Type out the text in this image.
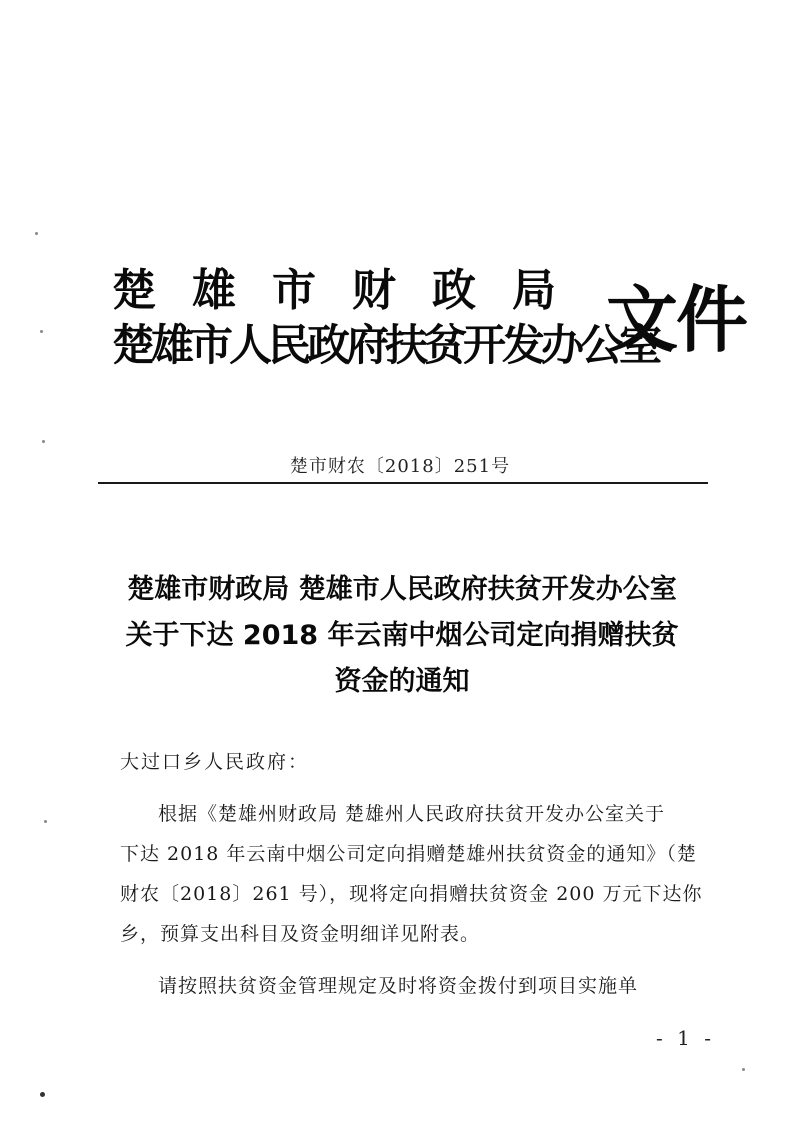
楚雄市财政局
楚雄市人民政府扶贫开发办公室
文件
楚市财农〔2018〕251号
楚雄市财政局 楚雄市人民政府扶贫开发办公室
关于下达 2018 年云南中烟公司定向捐赠扶贫
资金的通知
大过口乡人民政府：
根据《楚雄州财政局 楚雄州人民政府扶贫开发办公室关于
下达 2018 年云南中烟公司定向捐赠楚雄州扶贫资金的通知》（楚
财农〔2018〕261 号），现将定向捐赠扶贫资金 200 万元下达你
乡，预算支出科目及资金明细详见附表。
请按照扶贫资金管理规定及时将资金拨付到项目实施单
- 1 -
